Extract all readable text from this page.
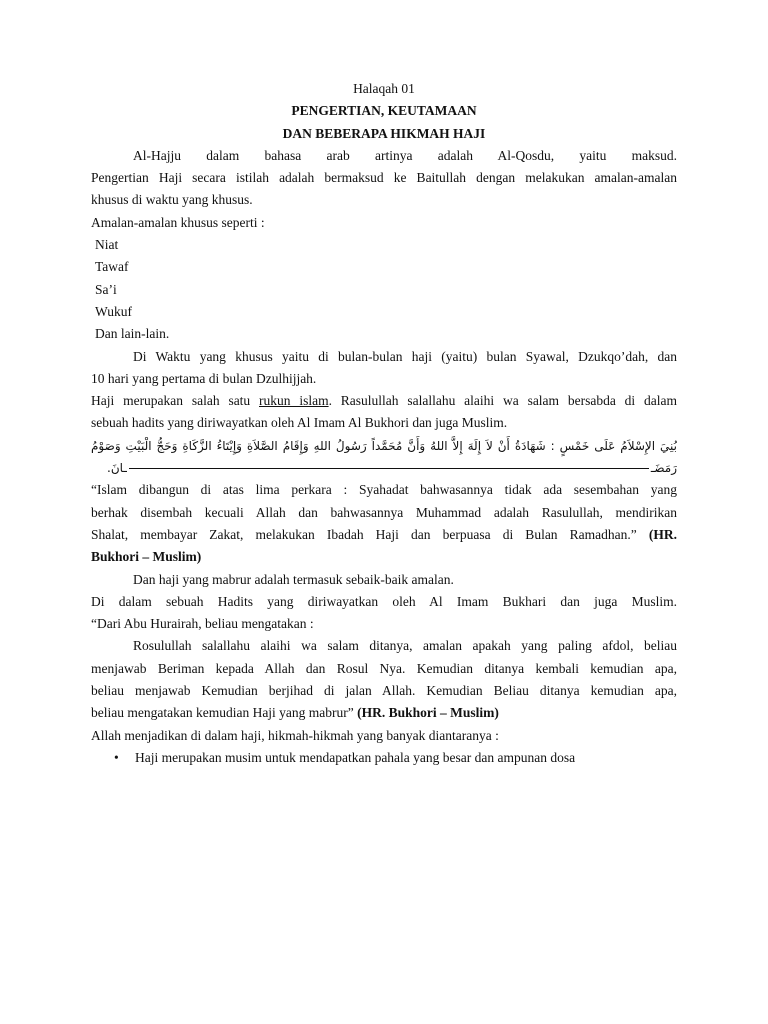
Halaqah 01
PENGERTIAN, KEUTAMAAN
DAN BEBERAPA HIKMAH HAJI
Al-Hajju dalam bahasa arab artinya adalah Al-Qosdu, yaitu maksud.
Pengertian Haji secara istilah adalah bermaksud ke Baitullah dengan melakukan amalan-amalan
khusus di waktu yang khusus.
Amalan-amalan khusus seperti :
Niat
Tawaf
Sa’i
Wukuf
Dan lain-lain.
Di Waktu yang khusus yaitu di bulan-bulan haji (yaitu) bulan Syawal, Dzukqo’dah, dan
10 hari yang pertama di bulan Dzulhijjah.
Haji merupakan salah satu rukun islam. Rasulullah salallahu alaihi wa salam bersabda di dalam
sebuah hadits yang diriwayatkan oleh Al Imam Al Bukhori dan juga Muslim.
بُنِيَ الإِسْلاَمُ عَلَى خَمْسٍ : شَهَادَةُ أَنْ لاَ إِلَهَ إِلاَّ اللهُ وَأَنَّ مُحَمَّداً رَسُولُ اللهِ وَإِقَامُ الصَّلاَةِ وَإِيْتَاءُ الزَّكَاةِ وَحَجُّ الْبَيْتِ وَصَوْمُ
رَمَضَــانَ.
“Islam dibangun di atas lima perkara : Syahadat bahwasannya tidak ada sesembahan yang
berhak disembah kecuali Allah dan bahwasannya Muhammad adalah Rasulullah, mendirikan
Shalat, membayar Zakat, melakukan Ibadah Haji dan berpuasa di Bulan Ramadhan.” (HR.
Bukhori – Muslim)
Dan haji yang mabrur adalah termasuk sebaik-baik amalan.
Di dalam sebuah Hadits yang diriwayatkan oleh Al Imam Bukhari dan juga Muslim.
“Dari Abu Hurairah, beliau mengatakan :
Rosulullah salallahu alaihi wa salam ditanya, amalan apakah yang paling afdol, beliau
menjawab Beriman kepada Allah dan Rosul Nya. Kemudian ditanya kembali kemudian apa,
beliau menjawab Kemudian berjihad di jalan Allah. Kemudian Beliau ditanya kemudian apa,
beliau mengatakan kemudian Haji yang mabrur” (HR. Bukhori – Muslim)
Allah menjadikan di dalam haji, hikmah-hikmah yang banyak diantaranya :
• Haji merupakan musim untuk mendapatkan pahala yang besar dan ampunan dosa
